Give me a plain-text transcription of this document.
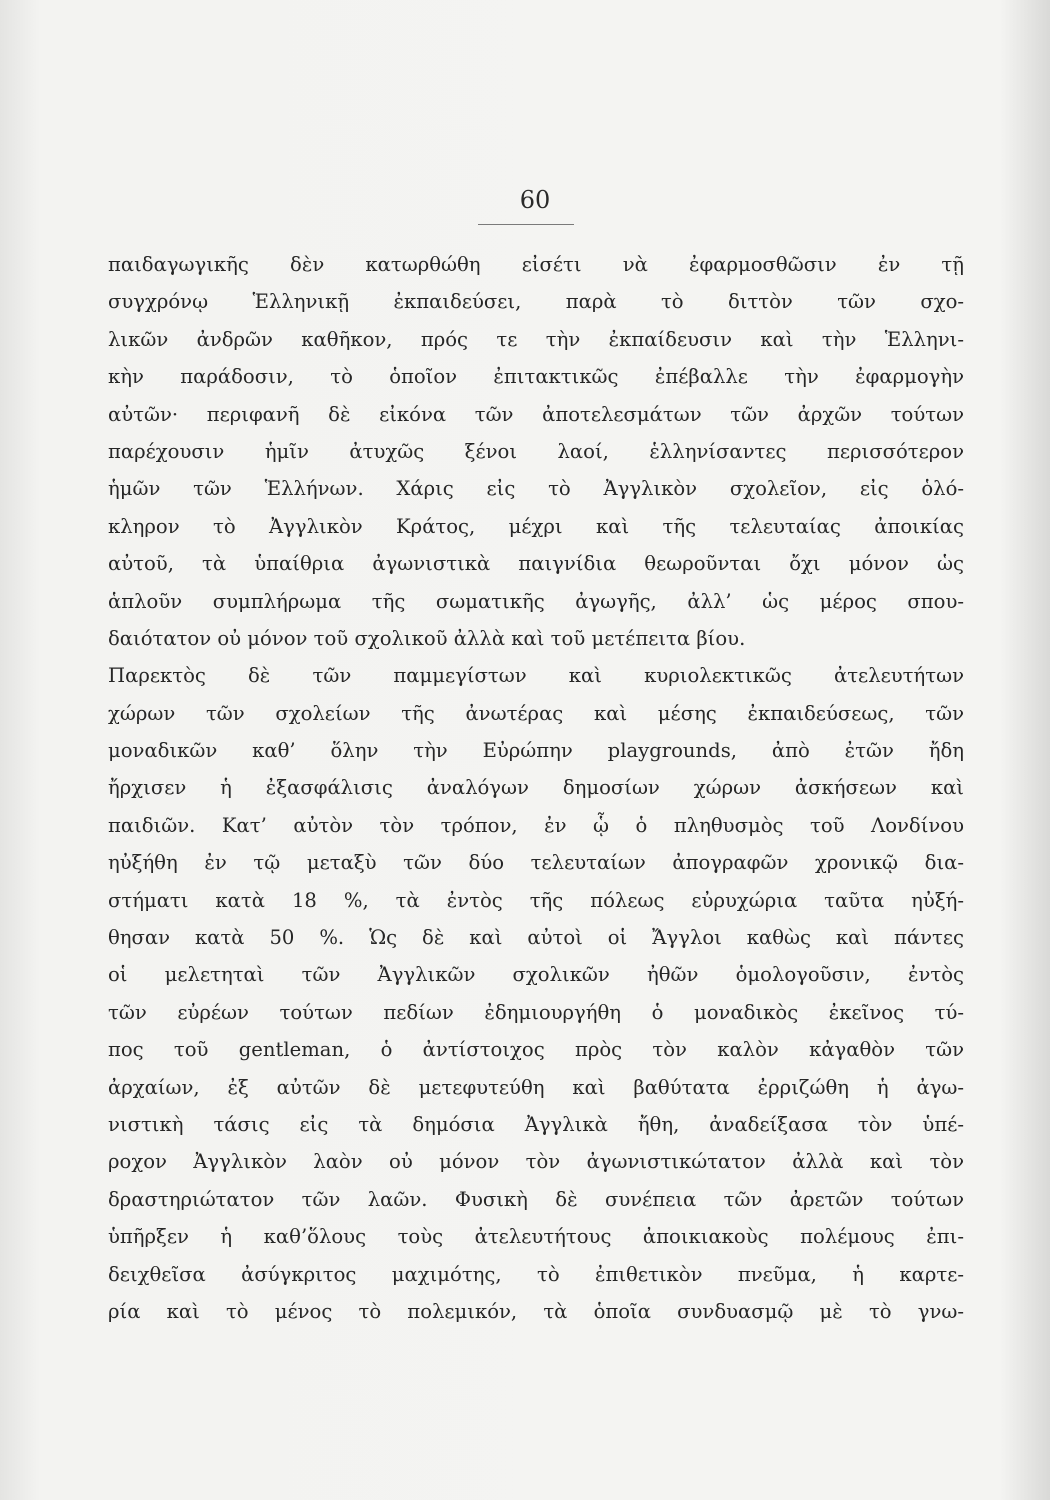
60
παιδαγωγικῆς δὲν κατωρθώθη εἰσέτι νὰ ἐφαρμοσθῶσιν ἐν τῇ
συγχρόνῳ Ἑλληνικῇ ἐκπαιδεύσει, παρὰ τὸ διττὸν τῶν σχο-
λικῶν ἀνδρῶν καθῆκον, πρός τε τὴν ἐκπαίδευσιν καὶ τὴν Ἑλληνι-
κὴν παράδοσιν, τὸ ὁποῖον ἐπιτακτικῶς ἐπέβαλλε τὴν ἐφαρμογὴν
αὐτῶν· περιφανῆ δὲ εἰκόνα τῶν ἀποτελεσμάτων τῶν ἀρχῶν τούτων
παρέχουσιν ἡμῖν ἀτυχῶς ξένοι λαοί, ἑλληνίσαντες περισσότερον
ἡμῶν τῶν Ἑλλήνων. Χάρις εἰς τὸ Ἀγγλικὸν σχολεῖον, εἰς ὁλό-
κληρον τὸ Ἀγγλικὸν Κράτος, μέχρι καὶ τῆς τελευταίας ἀποικίας
αὐτοῦ, τὰ ὑπαίθρια ἀγωνιστικὰ παιγνίδια θεωροῦνται ὄχι μόνον ὡς
ἁπλοῦν συμπλήρωμα τῆς σωματικῆς ἀγωγῆς, ἀλλ’ ὡς μέρος σπου-
δαιότατον οὐ μόνον τοῦ σχολικοῦ ἀλλὰ καὶ τοῦ μετέπειτα βίου.
Παρεκτὸς δὲ τῶν παμμεγίστων καὶ κυριολεκτικῶς ἀτελευτήτων
χώρων τῶν σχολείων τῆς ἀνωτέρας καὶ μέσης ἐκπαιδεύσεως, τῶν
μοναδικῶν καθ’ ὅλην τὴν Εὐρώπην playgrounds, ἀπὸ ἐτῶν ἤδη
ἤρχισεν ἡ ἐξασφάλισις ἀναλόγων δημοσίων χώρων ἀσκήσεων καὶ
παιδιῶν. Κατ’ αὐτὸν τὸν τρόπον, ἐν ᾧ ὁ πληθυσμὸς τοῦ Λονδίνου
ηὐξήθη ἐν τῷ μεταξὺ τῶν δύο τελευταίων ἀπογραφῶν χρονικῷ δια-
στήματι κατὰ 18 %, τὰ ἐντὸς τῆς πόλεως εὐρυχώρια ταῦτα ηὐξή-
θησαν κατὰ 50 %. Ὡς δὲ καὶ αὐτοὶ οἱ Ἄγγλοι καθὼς καὶ πάντες
οἱ μελετηταὶ τῶν Ἀγγλικῶν σχολικῶν ἠθῶν ὁμολογοῦσιν, ἐντὸς
τῶν εὐρέων τούτων πεδίων ἐδημιουργήθη ὁ μοναδικὸς ἐκεῖνος τύ-
πος τοῦ gentleman, ὁ ἀντίστοιχος πρὸς τὸν καλὸν κἀγαθὸν τῶν
ἀρχαίων, ἐξ αὐτῶν δὲ μετεφυτεύθη καὶ βαθύτατα ἐρριζώθη ἡ ἀγω-
νιστικὴ τάσις εἰς τὰ δημόσια Ἀγγλικὰ ἤθη, ἀναδείξασα τὸν ὑπέ-
ροχον Ἀγγλικὸν λαὸν οὐ μόνον τὸν ἀγωνιστικώτατον ἀλλὰ καὶ τὸν
δραστηριώτατον τῶν λαῶν. Φυσικὴ δὲ συνέπεια τῶν ἀρετῶν τούτων
ὑπῆρξεν ἡ καθ’ὅλους τοὺς ἀτελευτήτους ἀποικιακοὺς πολέμους ἐπι-
δειχθεῖσα ἀσύγκριτος μαχιμότης, τὸ ἐπιθετικὸν πνεῦμα, ἡ καρτε-
ρία καὶ τὸ μένος τὸ πολεμικόν, τὰ ὁποῖα συνδυασμῷ μὲ τὸ γνω-
